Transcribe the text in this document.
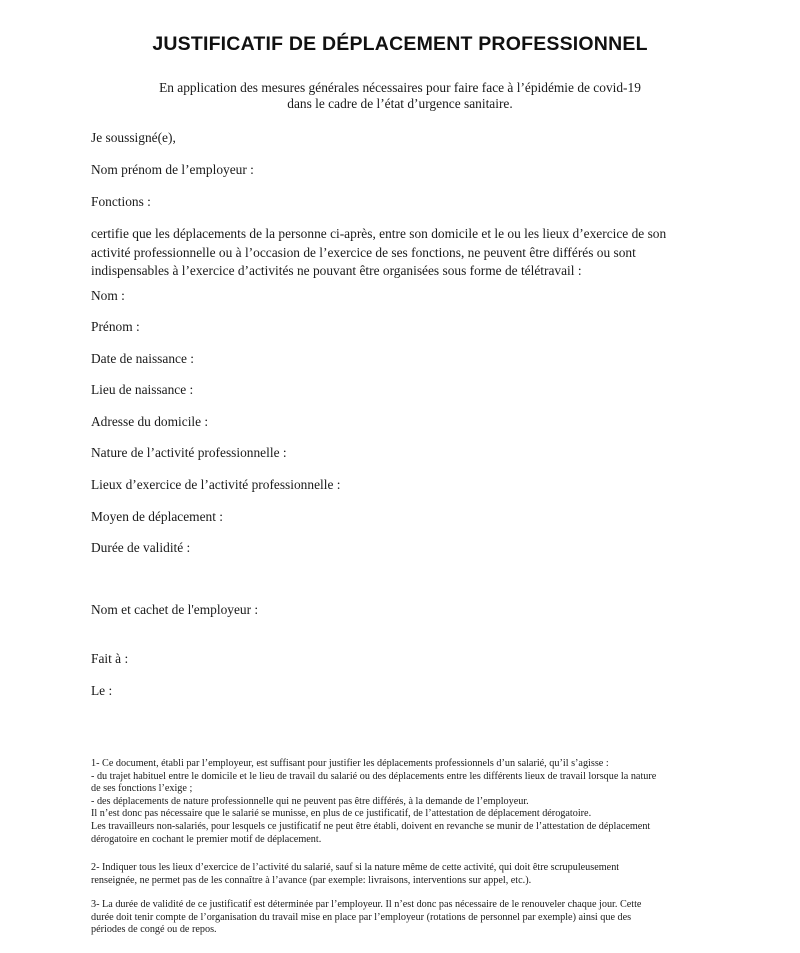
JUSTIFICATIF DE DÉPLACEMENT PROFESSIONNEL
En application des mesures générales nécessaires pour faire face à l’épidémie de covid-19
dans le cadre de l’état d’urgence sanitaire.
Je soussigné(e),
Nom prénom de l’employeur :
Fonctions :
certifie que les déplacements de la personne ci-après, entre son domicile et le ou les lieux d’exercice de son
activité professionnelle ou à l’occasion de l’exercice de ses fonctions, ne peuvent être différés ou sont
indispensables à l’exercice d’activités ne pouvant être organisées sous forme de télétravail :
Nom :
Prénom :
Date de naissance :
Lieu de naissance :
Adresse du domicile :
Nature de l’activité professionnelle :
Lieux d’exercice de l’activité professionnelle :
Moyen de déplacement :
Durée de validité :
Nom et cachet de l'employeur :
Fait à :
Le :
1- Ce document, établi par l’employeur, est suffisant pour justifier les déplacements professionnels d’un salarié, qu’il s’agisse :
- du trajet habituel entre le domicile et le lieu de travail du salarié ou des déplacements entre les différents lieux de travail lorsque la nature
de ses fonctions l’exige ;
- des déplacements de nature professionnelle qui ne peuvent pas être différés, à la demande de l’employeur.
Il n’est donc pas nécessaire que le salarié se munisse, en plus de ce justificatif, de l’attestation de déplacement dérogatoire.
Les travailleurs non-salariés, pour lesquels ce justificatif ne peut être établi, doivent en revanche se munir de l’attestation de déplacement
dérogatoire en cochant le premier motif de déplacement.
2- Indiquer tous les lieux d’exercice de l’activité du salarié, sauf si la nature même de cette activité, qui doit être scrupuleusement
renseignée, ne permet pas de les connaître à l’avance (par exemple: livraisons, interventions sur appel, etc.).
3- La durée de validité de ce justificatif est déterminée par l’employeur. Il n’est donc pas nécessaire de le renouveler chaque jour. Cette
durée doit tenir compte de l’organisation du travail mise en place par l’employeur (rotations de personnel par exemple) ainsi que des
périodes de congé ou de repos.
